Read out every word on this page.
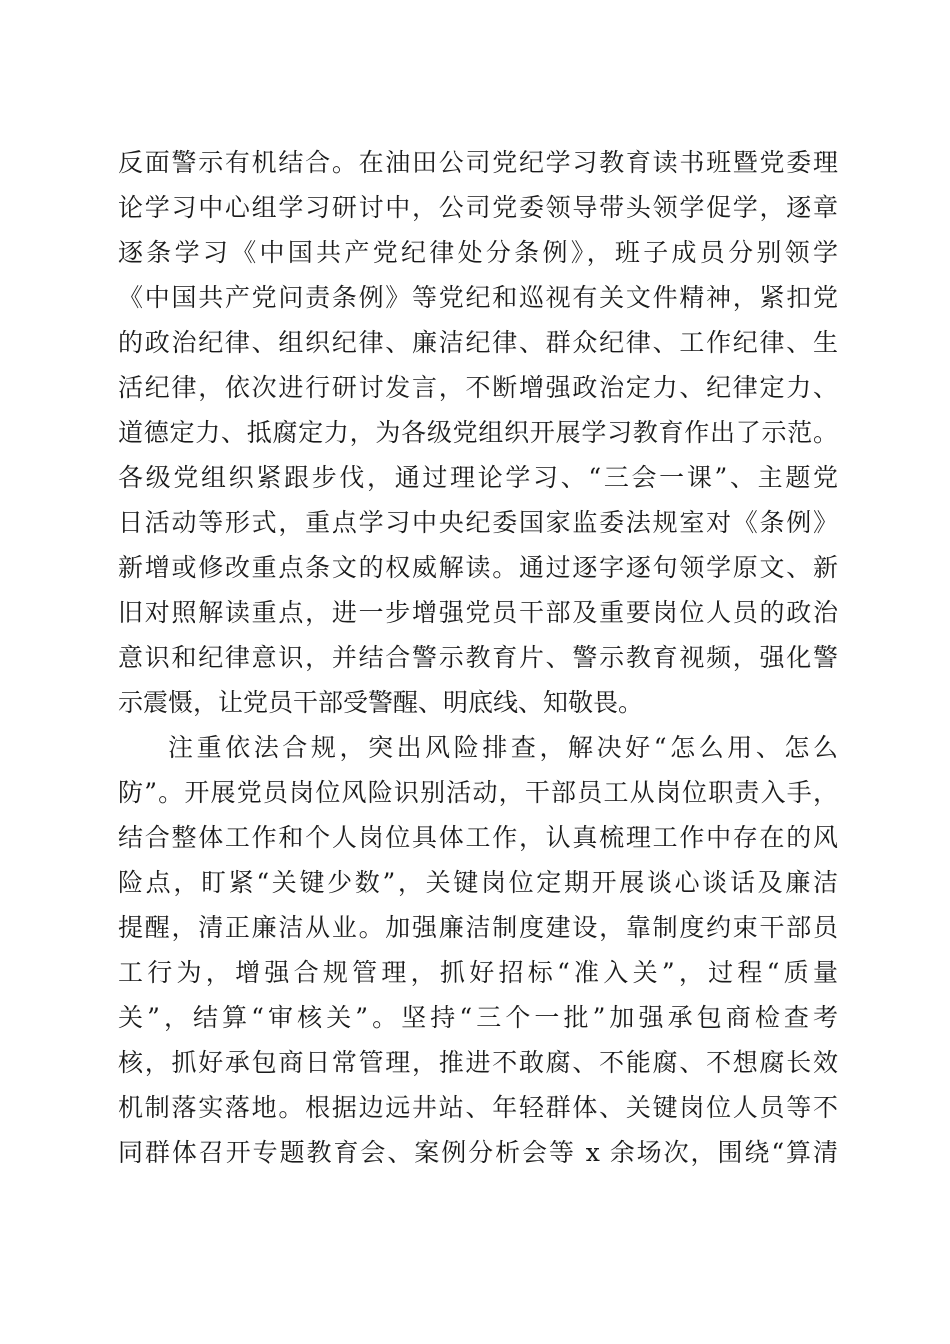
反面警示有机结合。在油田公司党纪学习教育读书班暨党委理
论学习中心组学习研讨中，公司党委领导带头领学促学，逐章
逐条学习《中国共产党纪律处分条例》，班子成员分别领学
《中国共产党问责条例》等党纪和巡视有关文件精神，紧扣党
的政治纪律、组织纪律、廉洁纪律、群众纪律、工作纪律、生
活纪律，依次进行研讨发言，不断增强政治定力、纪律定力、
道德定力、抵腐定力，为各级党组织开展学习教育作出了示范。
各级党组织紧跟步伐，通过理论学习、“三会一课”、主题党
日活动等形式，重点学习中央纪委国家监委法规室对《条例》
新增或修改重点条文的权威解读。通过逐字逐句领学原文、新
旧对照解读重点，进一步增强党员干部及重要岗位人员的政治
意识和纪律意识，并结合警示教育片、警示教育视频，强化警
示震慑，让党员干部受警醒、明底线、知敬畏。
注重依法合规，突出风险排查，解决好“怎么用、怎么
防”。开展党员岗位风险识别活动，干部员工从岗位职责入手，
结合整体工作和个人岗位具体工作，认真梳理工作中存在的风
险点，盯紧“关键少数”，关键岗位定期开展谈心谈话及廉洁
提醒，清正廉洁从业。加强廉洁制度建设，靠制度约束干部员
工行为，增强合规管理，抓好招标“准入关”，过程“质量
关”，结算“审核关”。坚持“三个一批”加强承包商检查考
核，抓好承包商日常管理，推进不敢腐、不能腐、不想腐长效
机制落实落地。根据边远井站、年轻群体、关键岗位人员等不
同群体召开专题教育会、案例分析会等 x 余场次，围绕“算清
